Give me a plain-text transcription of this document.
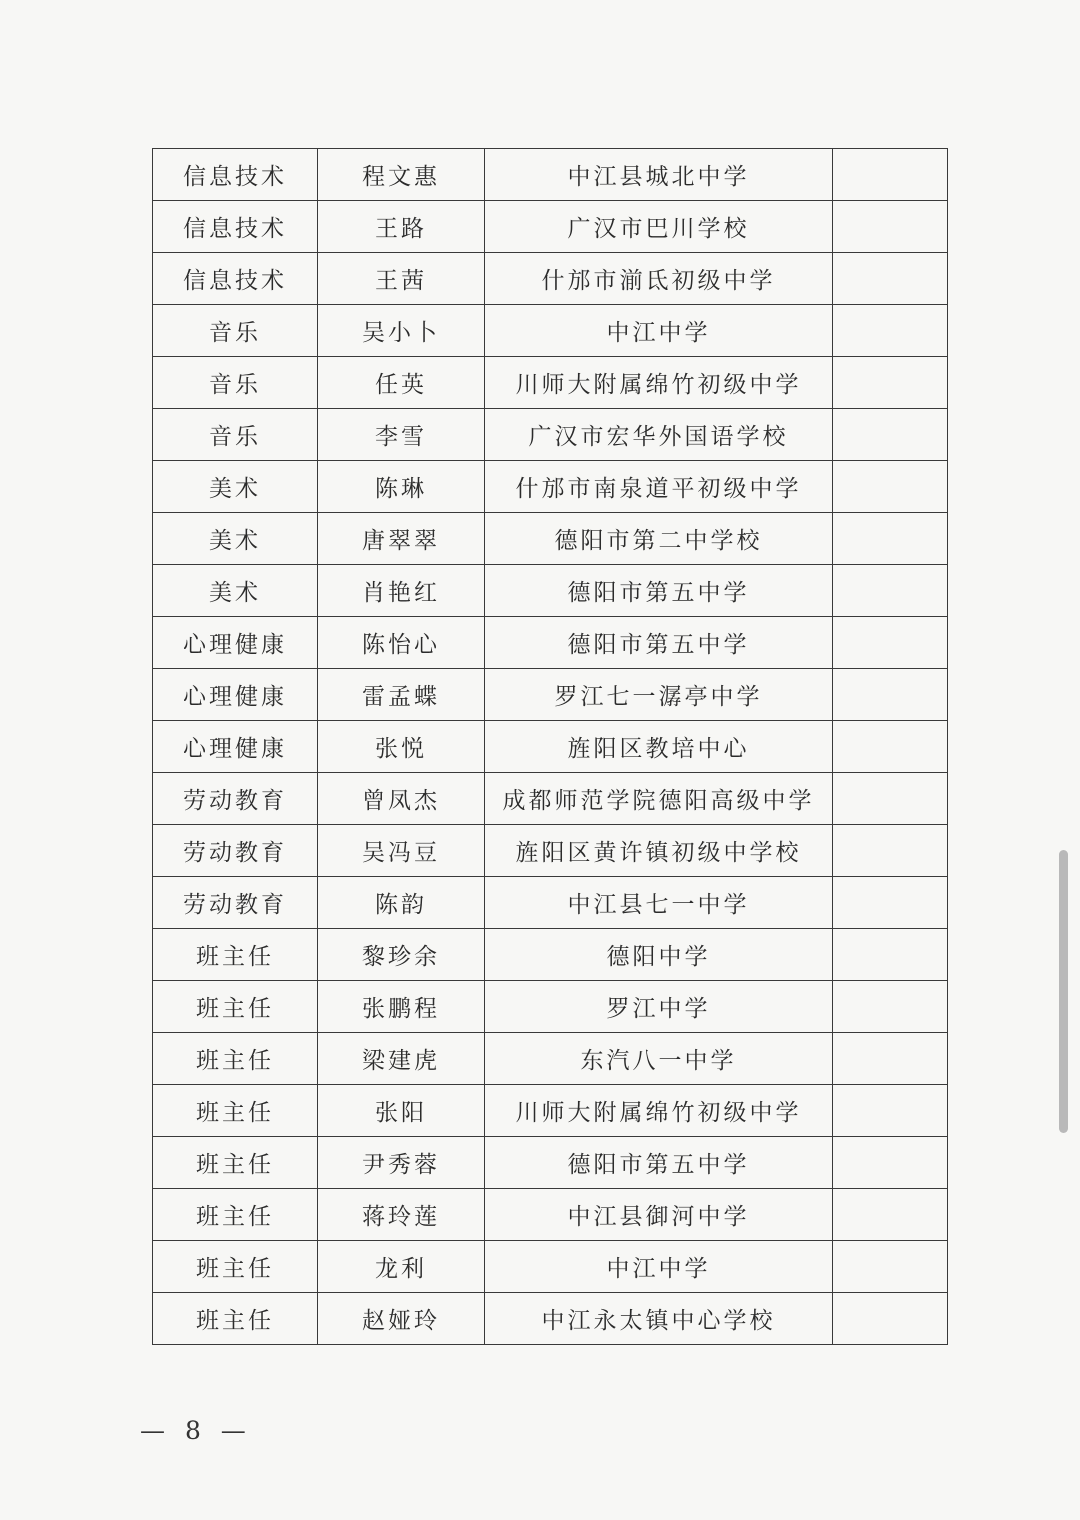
信息技术	程文惠	中江县城北中学	
信息技术	王路	广汉市巴川学校	
信息技术	王茜	什邡市湔氐初级中学	
音乐	吴小卜	中江中学	
音乐	任英	川师大附属绵竹初级中学	
音乐	李雪	广汉市宏华外国语学校	
美术	陈琳	什邡市南泉道平初级中学	
美术	唐翠翠	德阳市第二中学校	
美术	肖艳红	德阳市第五中学	
心理健康	陈怡心	德阳市第五中学	
心理健康	雷孟蝶	罗江七一潺亭中学	
心理健康	张悦	旌阳区教培中心	
劳动教育	曾凤杰	成都师范学院德阳高级中学	
劳动教育	吴冯豆	旌阳区黄许镇初级中学校	
劳动教育	陈韵	中江县七一中学	
班主任	黎珍余	德阳中学	
班主任	张鹏程	罗江中学	
班主任	梁建虎	东汽八一中学	
班主任	张阳	川师大附属绵竹初级中学	
班主任	尹秀蓉	德阳市第五中学	
班主任	蒋玲莲	中江县御河中学	
班主任	龙利	中江中学	
班主任	赵娅玲	中江永太镇中心学校	
— 8 —
